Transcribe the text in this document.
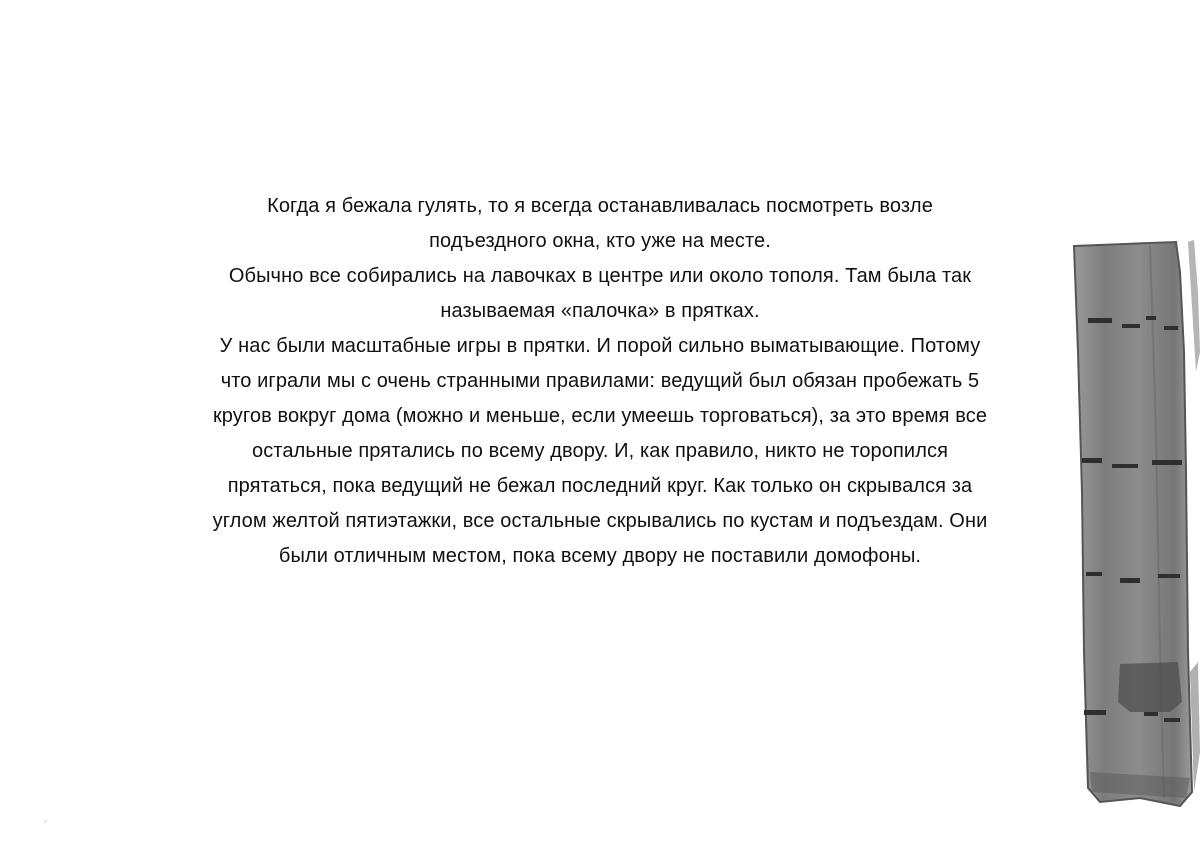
Когда я бежала гулять, то я всегда останавливалась посмотреть возле
подъездного окна, кто уже на месте.
Обычно все собирались на лавочках в центре или около тополя. Там была так
называемая «палочка» в прятках.
У нас были масштабные игры в прятки. И порой сильно выматывающие. Потому
что играли мы с очень странными правилами: ведущий был обязан пробежать 5
кругов вокруг дома (можно и меньше, если умеешь торговаться), за это время все
остальные прятались по всему двору. И, как правило, никто не торопился
прятаться, пока ведущий не бежал последний круг. Как только он скрывался за
углом желтой пятиэтажки, все остальные скрывались по кустам и подъездам. Они
были отличным местом, пока всему двору не поставили домофоны.
